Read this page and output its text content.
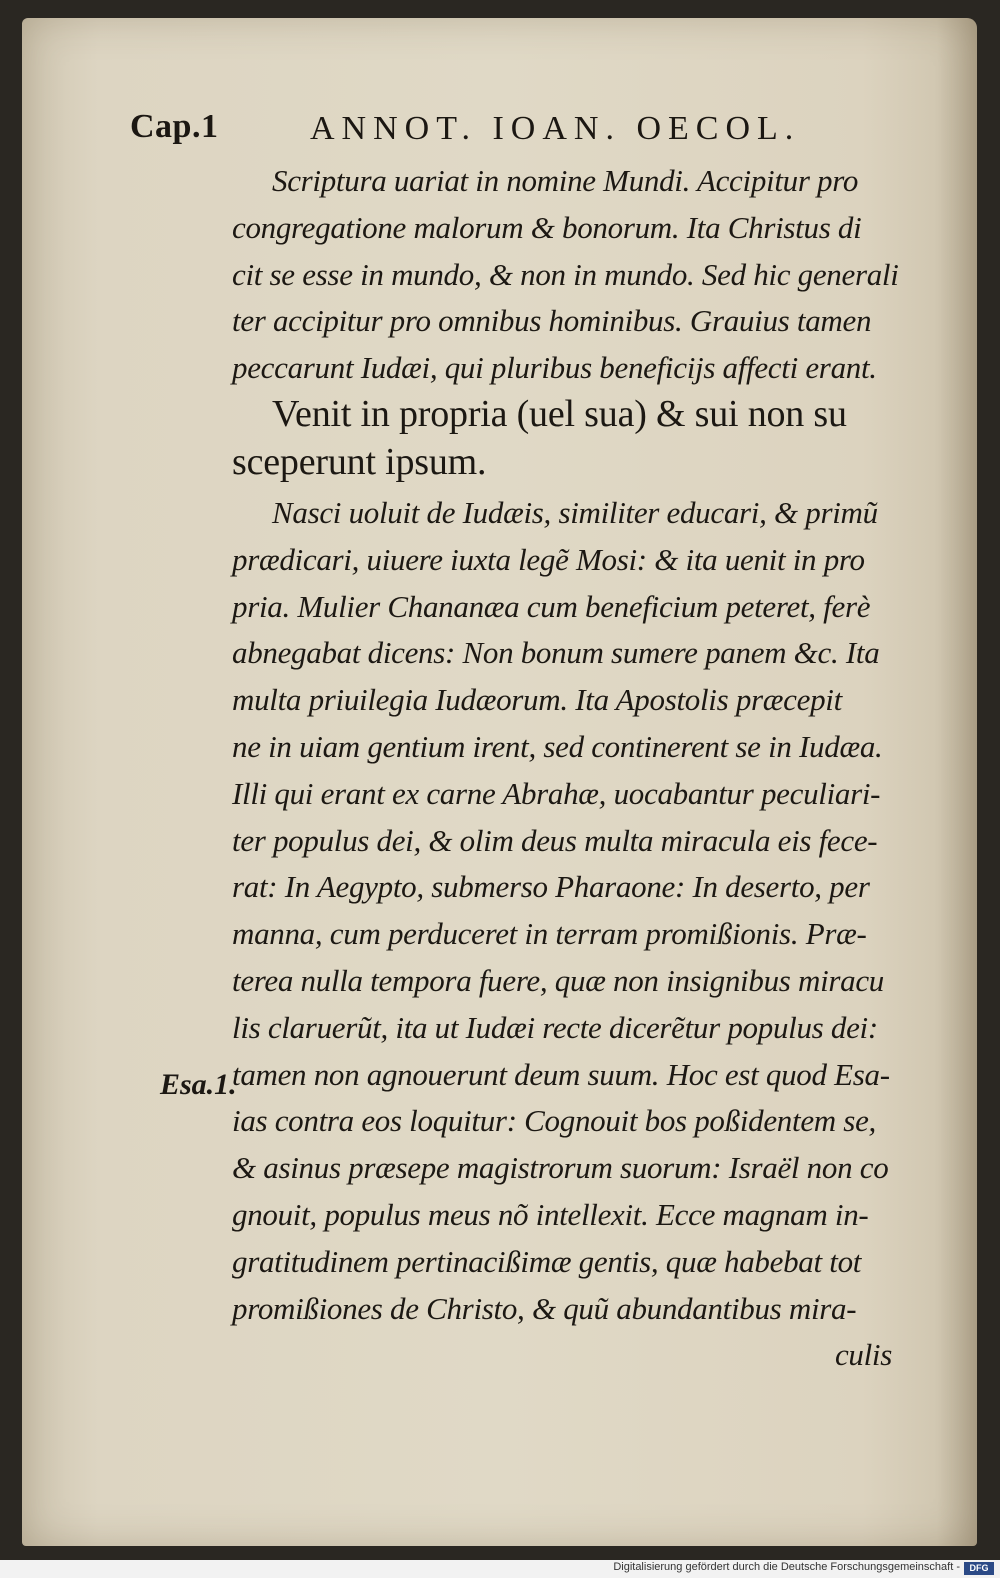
Cap.1	ANNOT. IOAN. OECOL.
Scriptura uariat in nomine Mundi. Accipitur pro
congregatione malorum & bonorum. Ita Christus di
cit se esse in mundo, & non in mundo. Sed hic generali
ter accipitur pro omnibus hominibus. Grauius tamen
peccarunt Iudæi, qui pluribus beneficijs affecti erant.
Venit in propria (uel sua) & sui non su
sceperunt ipsum.
Nasci uoluit de Iudæis, similiter educari, & primũ
prædicari, uiuere iuxta legẽ Mosi: & ita uenit in pro
pria. Mulier Chananæa cum beneficium peteret, ferè
abnegabat dicens: Non bonum sumere panem &c. Ita
multa priuilegia Iudæorum. Ita Apostolis præcepit
ne in uiam gentium irent, sed continerent se in Iudæa.
Illi qui erant ex carne Abrahæ, uocabantur peculiari-
ter populus dei, & olim deus multa miracula eis fece-
rat: In Aegypto, submerso Pharaone: In deserto, per
manna, cum perduceret in terram promißionis. Præ-
terea nulla tempora fuere, quæ non insignibus miracu
lis claruerũt, ita ut Iudæi recte dicerẽtur populus dei:
tamen non agnouerunt deum suum. Hoc est quod Esa-
ias contra eos loquitur: Cognouit bos poßidentem se,
& asinus præsepe magistrorum suorum: Israël non co
gnouit, populus meus nõ intellexit. Ecce magnam in-
gratitudinem pertinacißimæ gentis, quæ habebat tot
promißiones de Christo, & quũ abundantibus mira-
culis
Esa.1.
Digitalisierung gefördert durch die Deutsche Forschungsgemeinschaft -	DFG
